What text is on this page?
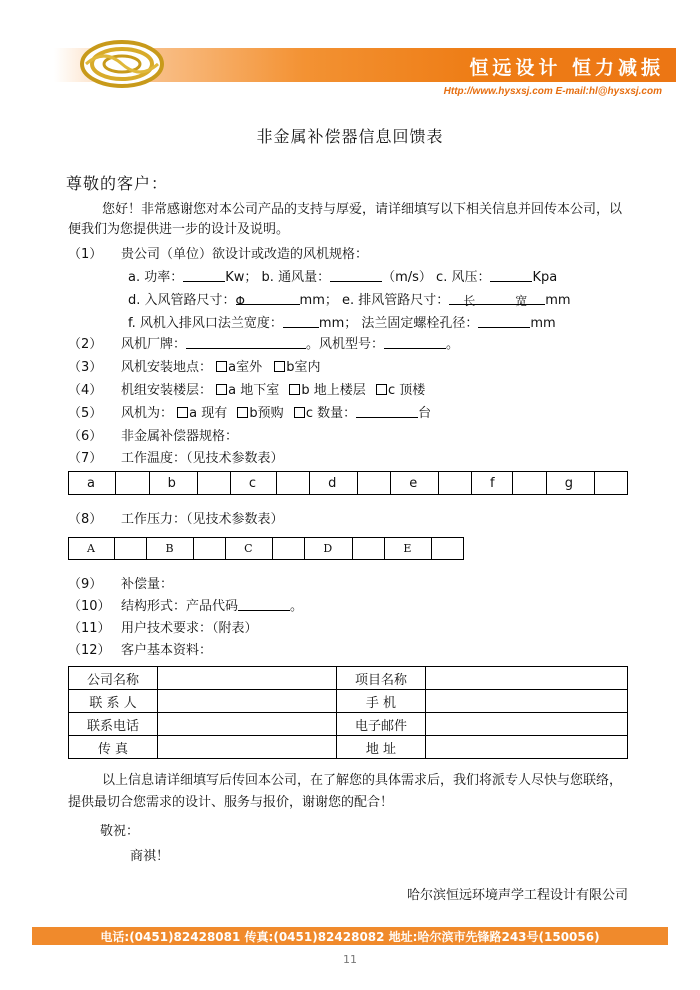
恒远设计 恒力减振
Http://www.hysxsj.com E-mail:hl@hysxsj.com
非金属补偿器信息回馈表
尊敬的客户：
您好！非常感谢您对本公司产品的支持与厚爱，请详细填写以下相关信息并回传本公司，以便我们为您提供进一步的设计及说明。
（1） 贵公司（单位）欲设计或改造的风机规格：
a. 功率：	Kw； b. 通风量：	（m/s） c. 风压：	Kpa
d. 入风管路尺寸：Φ	mm； e. 排风管路尺寸： 长	宽 mm
f. 风机入排风口法兰宽度：	mm； 法兰固定螺栓孔径：	mm
（2） 风机厂牌：	。风机型号：	。
（3） 风机安装地点： a室外 b室内
（4） 机组安装楼层： a 地下室 b 地上楼层 c 顶楼
（5） 风机为： a 现有 b预购 c 数量：	台
（6） 非金属补偿器规格：
（7） 工作温度：（见技术参数表）
a		b		c		d		e		f		g	
（8） 工作压力：（见技术参数表）
A		B		C		D		E	
（9） 补偿量：
（10） 结构形式：产品代码	。
（11） 用户技术要求：（附表）
（12） 客户基本资料：
公司名称		项目名称	
联 系 人		手 机	
联系电话		电子邮件	
传 真		地 址	
以上信息请详细填写后传回本公司，在了解您的具体需求后，我们将派专人尽快与您联络，提供最切合您需求的设计、服务与报价，谢谢您的配合！
敬祝：
商祺！
哈尔滨恒远环境声学工程设计有限公司
电话:(0451)82428081 传真:(0451)82428082 地址:哈尔滨市先锋路243号(150056)
11
